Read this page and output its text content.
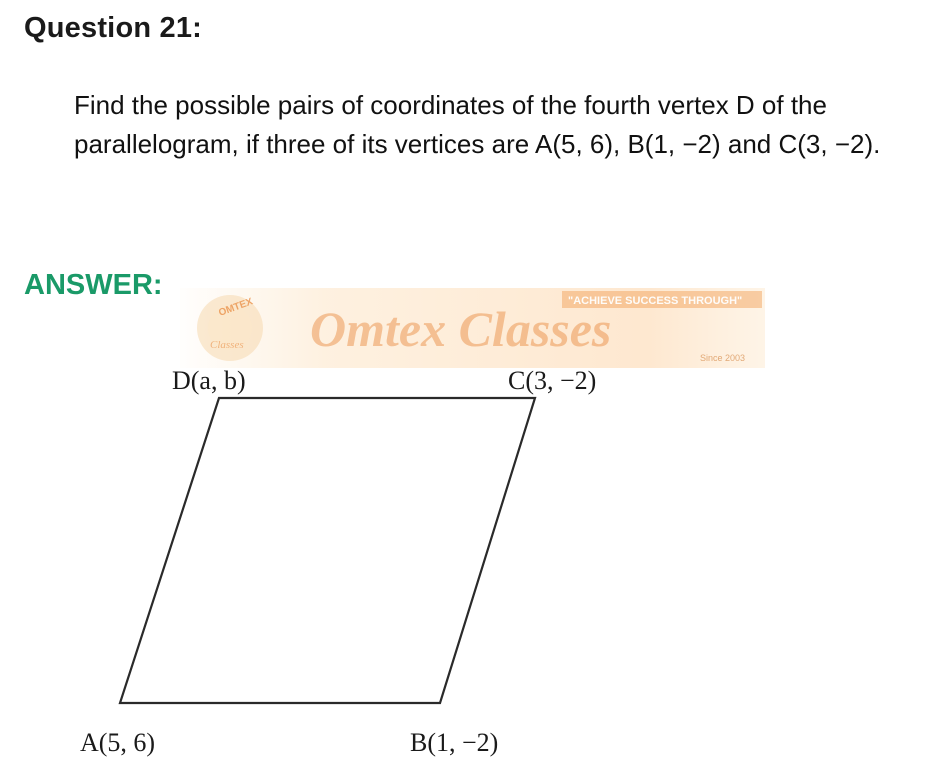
Question 21:
Find the possible pairs of coordinates of the fourth vertex D of the parallelogram, if three of its vertices are A(5, 6), B(1, −2) and C(3, −2).
ANSWER:
OMTEX
Classes
"ACHIEVE SUCCESS THROUGH"
Omtex Classes
Since 2003
D(a, b)	C(3, −2)
A(5, 6)	B(1, −2)
